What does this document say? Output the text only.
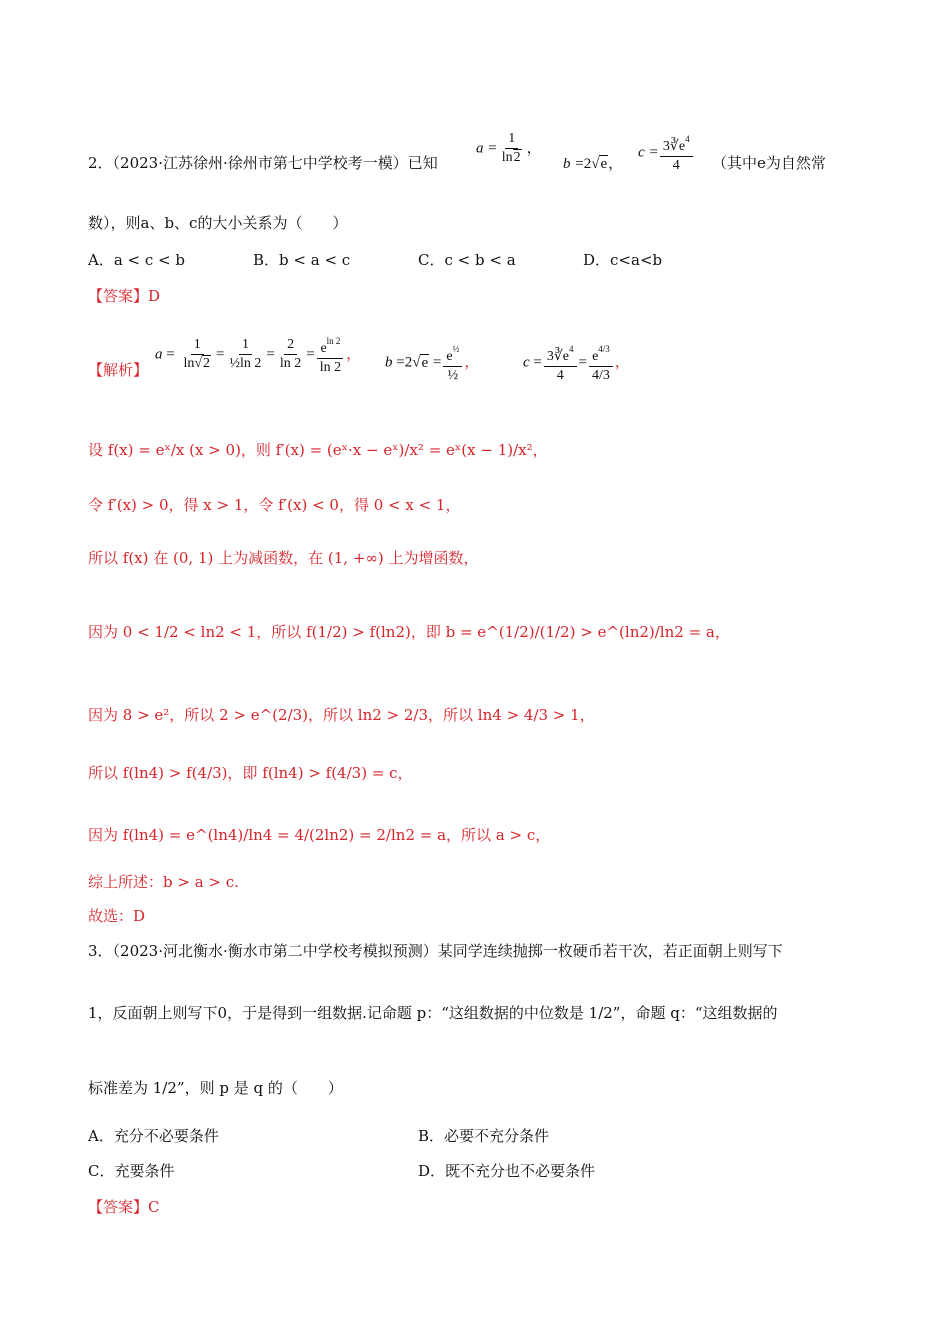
2．（2023·江苏徐州·徐州市第七中学校考一模）已知
$a = \frac{1}{\ln 2}$ ，
b =2√e，
$c = \frac{3∛e^4}{4}$ （其中e为自然常
数），则a、b、c的大小关系为（　　）
A．a < c < b	B．b < a < c	C．c < b < a	D．c<a<b
【答案】D
【解析】
$a = \frac{1}{\ln√2} = \frac{1}{\text{½ln 2}} = \frac{2}{\ln 2} = \frac{e^{ln 2}}{\ln 2}$ ， $b =2√e = \frac{e^{\frac{1}{2}}}{\text{½}}$ ，	$c = \frac{3∛e^4}{4} = \frac{e^{4/3}}{4/3}$ ，
设 f(x) = eˣ/x (x > 0)，则 f′(x) = (eˣ·x − eˣ)/x² = eˣ(x − 1)/x²，
令 f′(x) > 0，得 x > 1，令 f′(x) < 0，得 0 < x < 1，
所以 f(x) 在 (0, 1) 上为减函数，在 (1, +∞) 上为增函数，
因为 0 < 1/2 < ln2 < 1，所以 f(1/2) > f(ln2)，即 b = e^(1/2)/(1/2) > e^(ln2)/ln2 = a，
因为 8 > e²，所以 2 > e^(2/3)，所以 ln2 > 2/3，所以 ln4 > 4/3 > 1，
所以 f(ln4) > f(4/3)，即 f(ln4) > f(4/3) = c，
因为 f(ln4) = e^(ln4)/ln4 = 4/(2ln2) = 2/ln2 = a，所以 a > c，
综上所述：b > a > c.
故选：D
3．（2023·河北衡水·衡水市第二中学校考模拟预测）某同学连续抛掷一枚硬币若干次，若正面朝上则写下
1，反面朝上则写下0，于是得到一组数据.记命题 p：“这组数据的中位数是 1/2”，命题 q：“这组数据的
标准差为 1/2”，则 p 是 q 的（　　）
A．充分不必要条件	B．必要不充分条件
C．充要条件	D．既不充分也不必要条件
【答案】C
